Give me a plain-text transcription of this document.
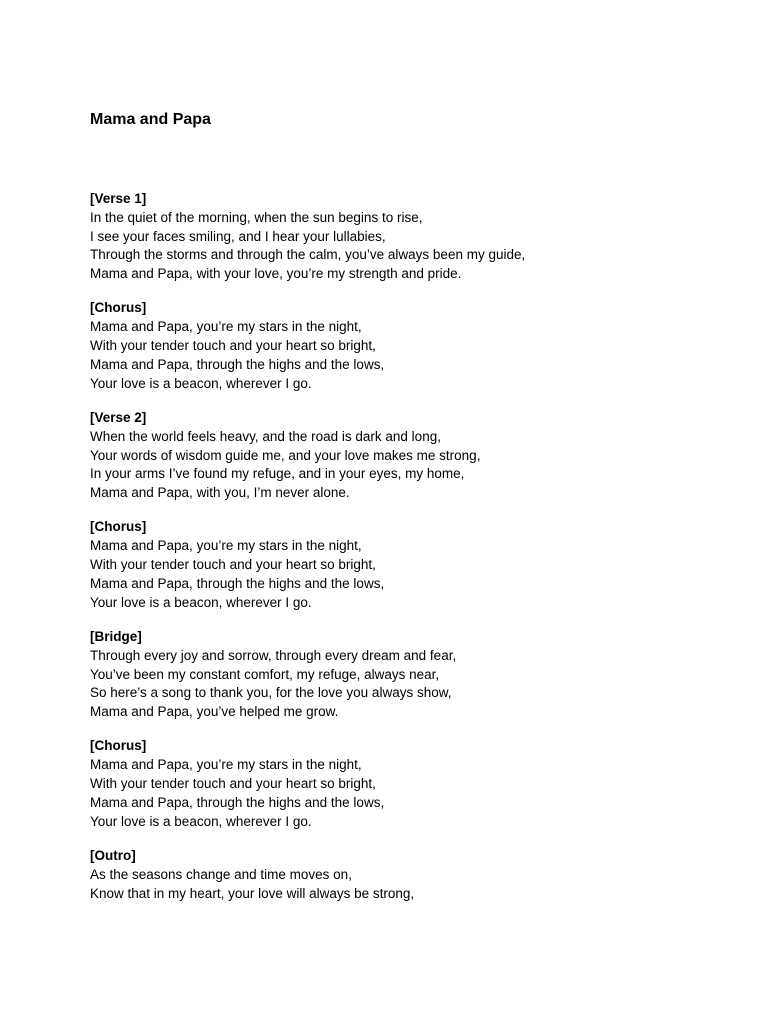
Mama and Papa
[Verse 1]
In the quiet of the morning, when the sun begins to rise,
I see your faces smiling, and I hear your lullabies,
Through the storms and through the calm, you’ve always been my guide,
Mama and Papa, with your love, you’re my strength and pride.
[Chorus]
Mama and Papa, you’re my stars in the night,
With your tender touch and your heart so bright,
Mama and Papa, through the highs and the lows,
Your love is a beacon, wherever I go.
[Verse 2]
When the world feels heavy, and the road is dark and long,
Your words of wisdom guide me, and your love makes me strong,
In your arms I’ve found my refuge, and in your eyes, my home,
Mama and Papa, with you, I’m never alone.
[Chorus]
Mama and Papa, you’re my stars in the night,
With your tender touch and your heart so bright,
Mama and Papa, through the highs and the lows,
Your love is a beacon, wherever I go.
[Bridge]
Through every joy and sorrow, through every dream and fear,
You’ve been my constant comfort, my refuge, always near,
So here’s a song to thank you, for the love you always show,
Mama and Papa, you’ve helped me grow.
[Chorus]
Mama and Papa, you’re my stars in the night,
With your tender touch and your heart so bright,
Mama and Papa, through the highs and the lows,
Your love is a beacon, wherever I go.
[Outro]
As the seasons change and time moves on,
Know that in my heart, your love will always be strong,
